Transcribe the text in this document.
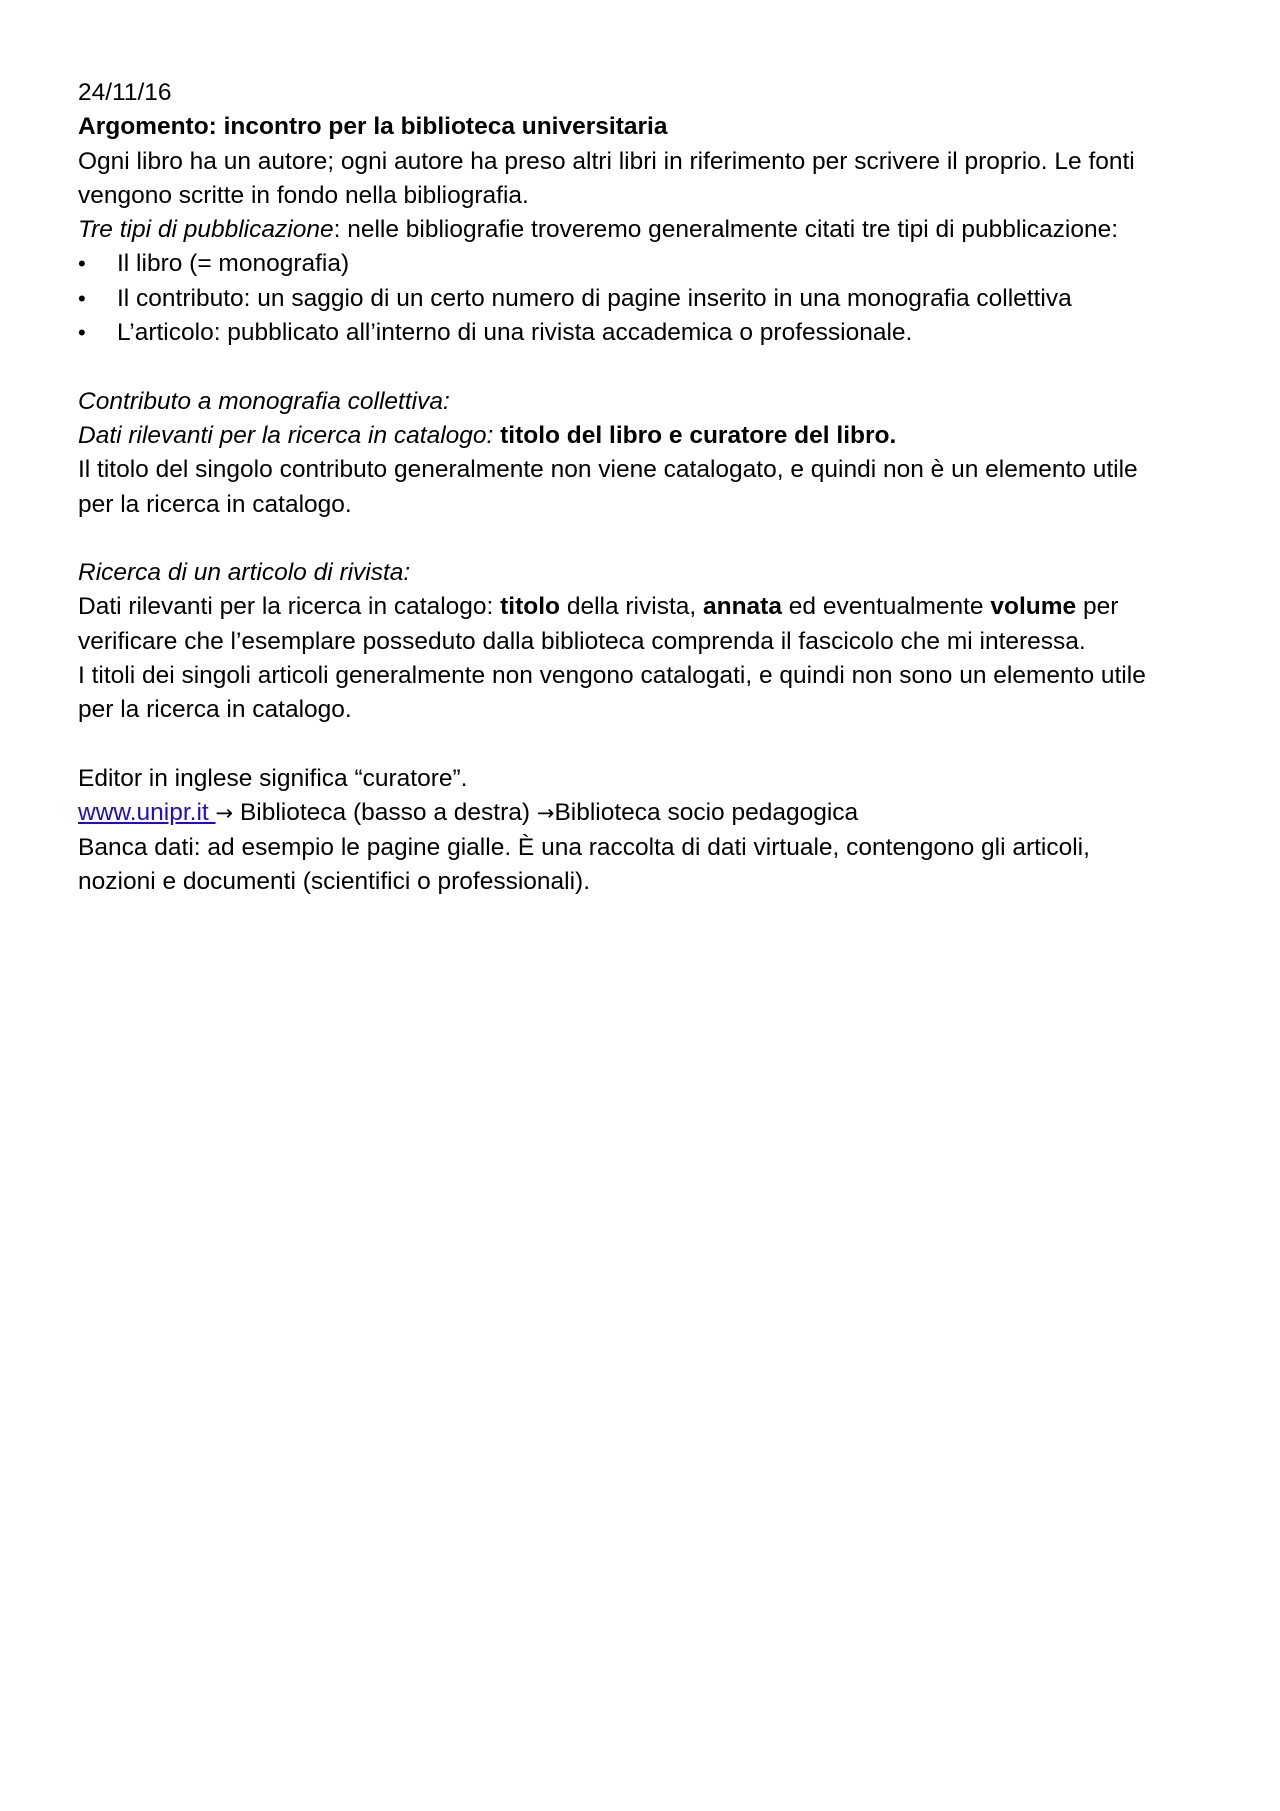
24/11/16

Argomento: incontro per la biblioteca universitaria

Ogni libro ha un autore; ogni autore ha preso altri libri in riferimento per scrivere il proprio. Le fonti

vengono scritte in fondo nella bibliografia.

Tre tipi di pubblicazione: nelle bibliografie troveremo generalmente citati tre tipi di pubblicazione:

•	Il libro (= monografia)
•	Il contributo: un saggio di un certo numero di pagine inserito in una monografia collettiva
•	L’articolo: pubblicato all’interno di una rivista accademica o professionale.

Contributo a monografia collettiva:

Dati rilevanti per la ricerca in catalogo: titolo del libro e curatore del libro.

Il titolo del singolo contributo generalmente non viene catalogato, e quindi non è un elemento utile

per la ricerca in catalogo.

Ricerca di un articolo di rivista:

Dati rilevanti per la ricerca in catalogo: titolo della rivista, annata ed eventualmente volume per

verificare che l’esemplare posseduto dalla biblioteca comprenda il fascicolo che mi interessa.

I titoli dei singoli articoli generalmente non vengono catalogati, e quindi non sono un elemento utile

per la ricerca in catalogo.

Editor in inglese significa “curatore”.

www.unipr.it → Biblioteca (basso a destra) →Biblioteca socio pedagogica

Banca dati: ad esempio le pagine gialle. È una raccolta di dati virtuale, contengono gli articoli,

nozioni e documenti (scientifici o professionali).
